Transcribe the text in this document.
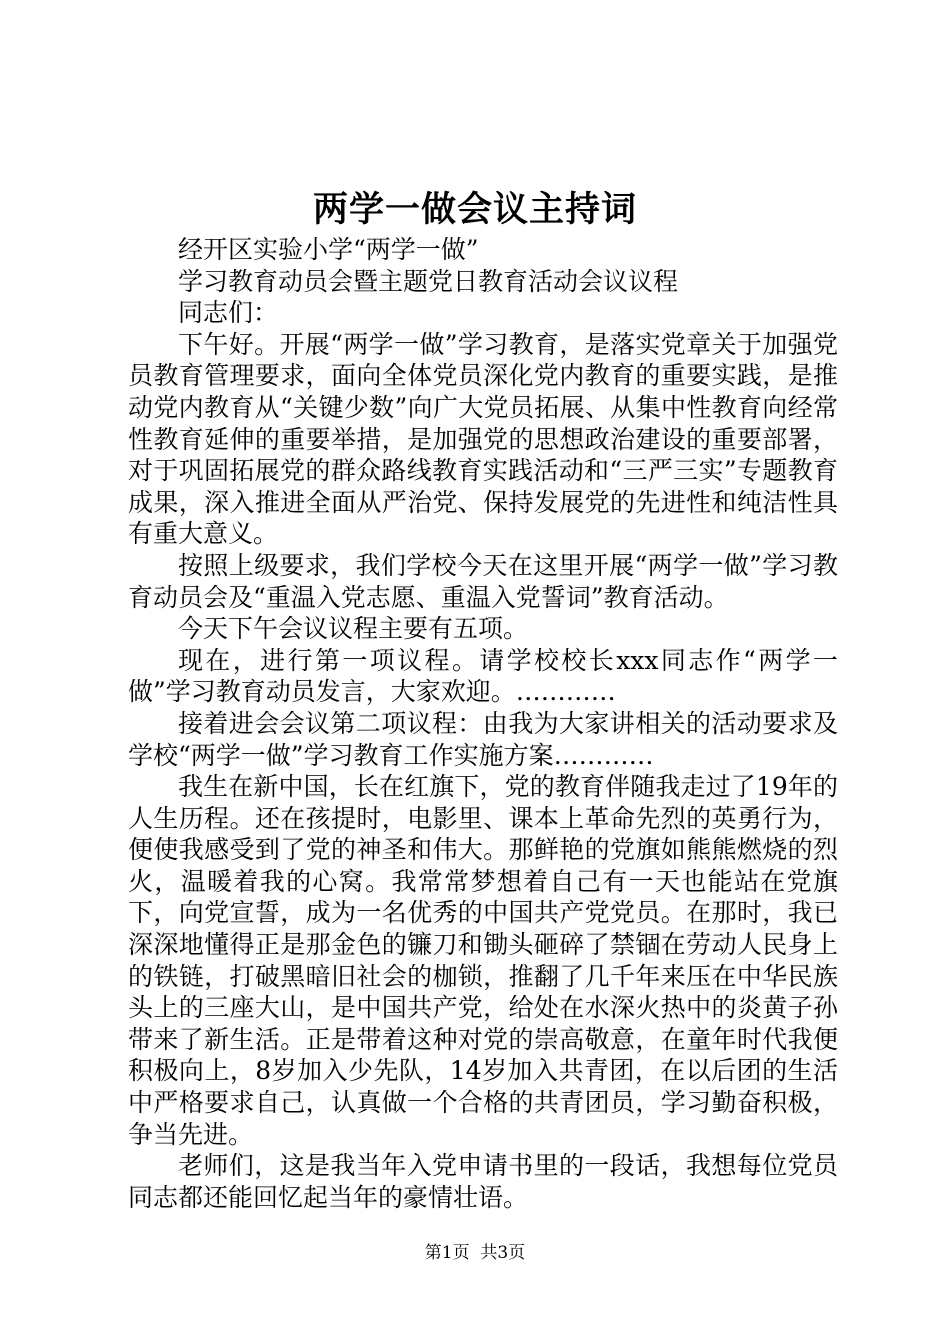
两学一做会议主持词

经开区实验小学“两学一做”

学习教育动员会暨主题党日教育活动会议议程

同志们：

下午好。开展“两学一做”学习教育，是落实党章关于加强党员教育管理要求，面向全体党员深化党内教育的重要实践，是推动党内教育从“关键少数”向广大党员拓展、从集中性教育向经常性教育延伸的重要举措，是加强党的思想政治建设的重要部署，对于巩固拓展党的群众路线教育实践活动和“三严三实”专题教育成果，深入推进全面从严治党、保持发展党的先进性和纯洁性具有重大意义。

按照上级要求，我们学校今天在这里开展“两学一做”学习教育动员会及“重温入党志愿、重温入党誓词”教育活动。

今天下午会议议程主要有五项。

现在，进行第一项议程。请学校校长xxx同志作“两学一做”学习教育动员发言，大家欢迎。…………

接着进会会议第二项议程：由我为大家讲相关的活动要求及学校“两学一做”学习教育工作实施方案…………

我生在新中国，长在红旗下，党的教育伴随我走过了19年的人生历程。还在孩提时，电影里、课本上革命先烈的英勇行为，便使我感受到了党的神圣和伟大。那鲜艳的党旗如熊熊燃烧的烈火，温暖着我的心窝。我常常梦想着自己有一天也能站在党旗下，向党宣誓，成为一名优秀的中国共产党党员。在那时，我已深深地懂得正是那金色的镰刀和锄头砸碎了禁锢在劳动人民身上的铁链，打破黑暗旧社会的枷锁，推翻了几千年来压在中华民族头上的三座大山，是中国共产党，给处在水深火热中的炎黄子孙带来了新生活。正是带着这种对党的崇高敬意，在童年时代我便积极向上，8岁加入少先队，14岁加入共青团，在以后团的生活中严格要求自己，认真做一个合格的共青团员，学习勤奋积极，争当先进。

老师们，这是我当年入党申请书里的一段话，我想每位党员同志都还能回忆起当年的豪情壮语。

第1页  共3页
